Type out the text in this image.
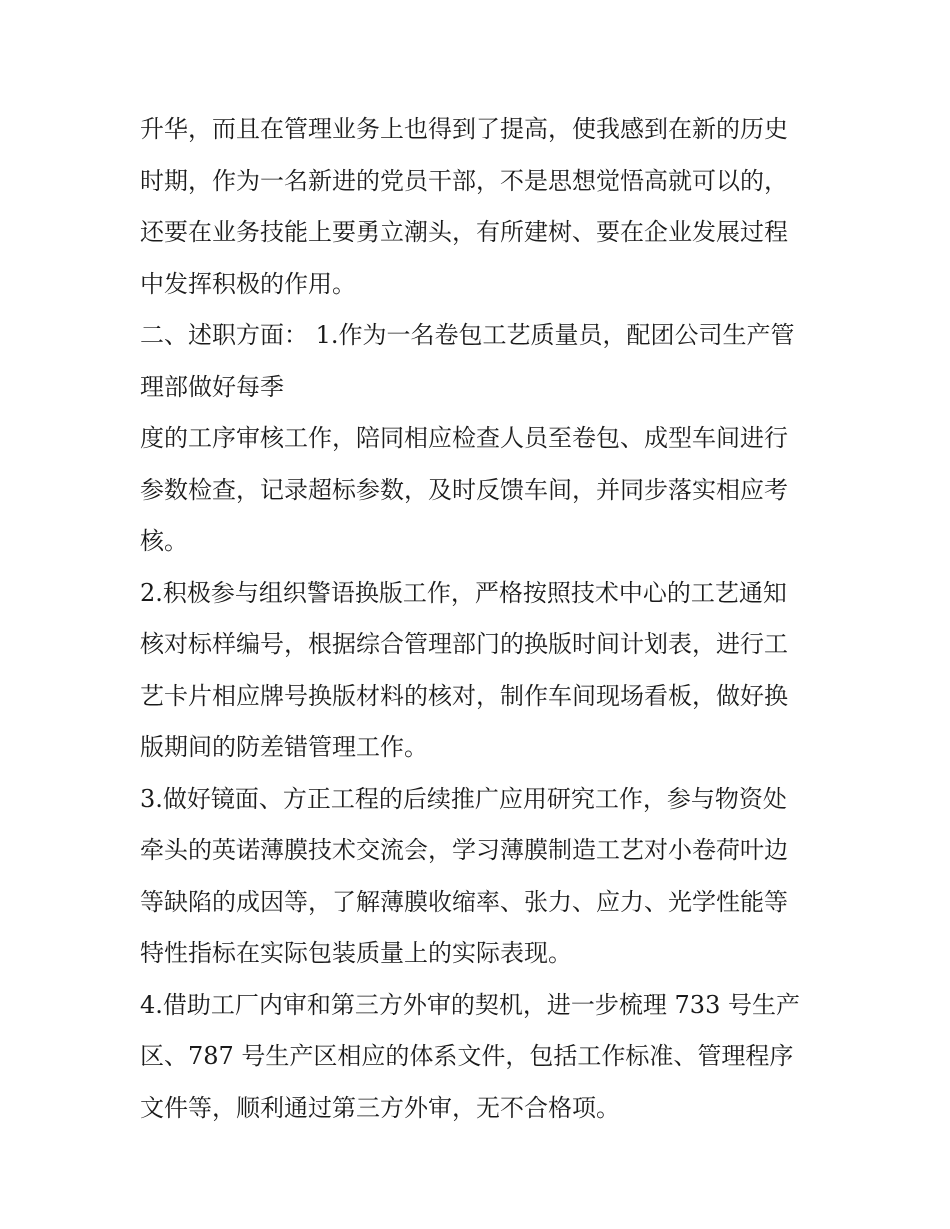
升华，而且在管理业务上也得到了提高，使我感到在新的历史
时期，作为一名新进的党员干部，不是思想觉悟高就可以的，
还要在业务技能上要勇立潮头，有所建树、要在企业发展过程
中发挥积极的作用。
二、述职方面： 1.作为一名卷包工艺质量员，配团公司生产管
理部做好每季
度的工序审核工作，陪同相应检查人员至卷包、成型车间进行
参数检查，记录超标参数，及时反馈车间，并同步落实相应考
核。
2.积极参与组织警语换版工作，严格按照技术中心的工艺通知
核对标样编号，根据综合管理部门的换版时间计划表，进行工
艺卡片相应牌号换版材料的核对，制作车间现场看板，做好换
版期间的防差错管理工作。
3.做好镜面、方正工程的后续推广应用研究工作，参与物资处
牵头的英诺薄膜技术交流会，学习薄膜制造工艺对小卷荷叶边
等缺陷的成因等，了解薄膜收缩率、张力、应力、光学性能等
特性指标在实际包装质量上的实际表现。
4.借助工厂内审和第三方外审的契机，进一步梳理 733 号生产
区、787 号生产区相应的体系文件，包括工作标准、管理程序
文件等，顺利通过第三方外审，无不合格项。
